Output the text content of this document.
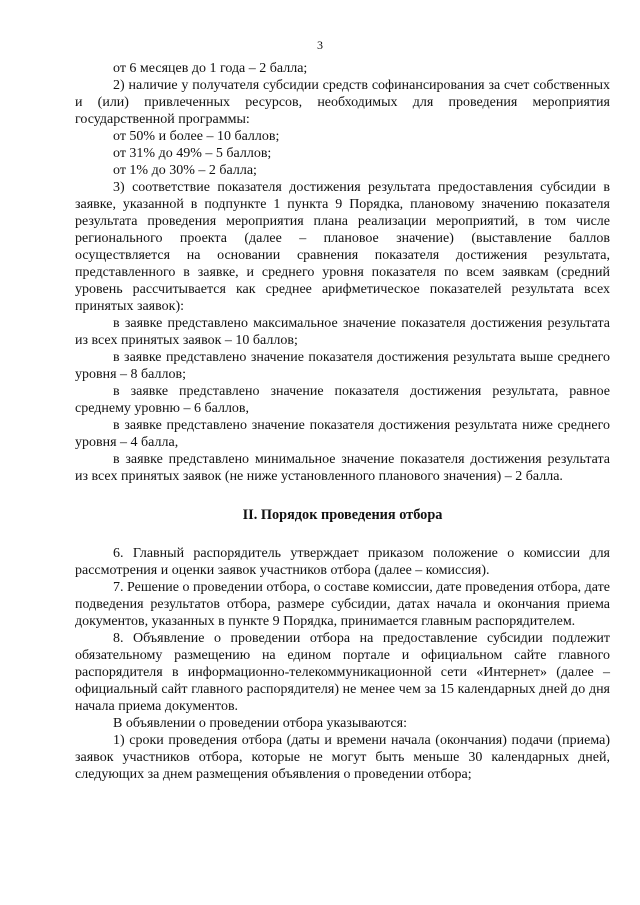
3

от 6 месяцев до 1 года – 2 балла;

2) наличие у получателя субсидии средств софинансирования за счет собственных и (или) привлеченных ресурсов, необходимых для проведения мероприятия государственной программы:

от 50% и более – 10 баллов;

от 31% до 49% – 5 баллов;

от 1% до 30% – 2 балла;

3) соответствие показателя достижения результата предоставления субсидии в заявке, указанной в подпункте 1 пункта 9 Порядка, плановому значению показателя результата проведения мероприятия плана реализации мероприятий, в том числе регионального проекта (далее – плановое значение) (выставление баллов осуществляется на основании сравнения показателя достижения результата, представленного в заявке, и среднего уровня показателя по всем заявкам (средний уровень рассчитывается как среднее арифметическое показателей результата всех принятых заявок):

в заявке представлено максимальное значение показателя достижения результата из всех принятых заявок – 10 баллов;

в заявке представлено значение показателя достижения результата выше среднего уровня – 8 баллов;

в заявке представлено значение показателя достижения результата, равное среднему уровню – 6 баллов,

в заявке представлено значение показателя достижения результата ниже среднего уровня – 4 балла,

в заявке представлено минимальное значение показателя достижения результата из всех принятых заявок (не ниже установленного планового значения) – 2 балла.

II. Порядок проведения отбора

6. Главный распорядитель утверждает приказом положение о комиссии для рассмотрения и оценки заявок участников отбора (далее – комиссия).

7. Решение о проведении отбора, о составе комиссии, дате проведения отбора, дате подведения результатов отбора, размере субсидии, датах начала и окончания приема документов, указанных в пункте 9 Порядка, принимается главным распорядителем.

8. Объявление о проведении отбора на предоставление субсидии подлежит обязательному размещению на едином портале и официальном сайте главного распорядителя в информационно-телекоммуникационной сети «Интернет» (далее – официальный сайт главного распорядителя) не менее чем за 15 календарных дней до дня начала приема документов.

В объявлении о проведении отбора указываются:

1) сроки проведения отбора (даты и времени начала (окончания) подачи (приема) заявок участников отбора, которые не могут быть меньше 30 календарных дней, следующих за днем размещения объявления о проведении отбора;
